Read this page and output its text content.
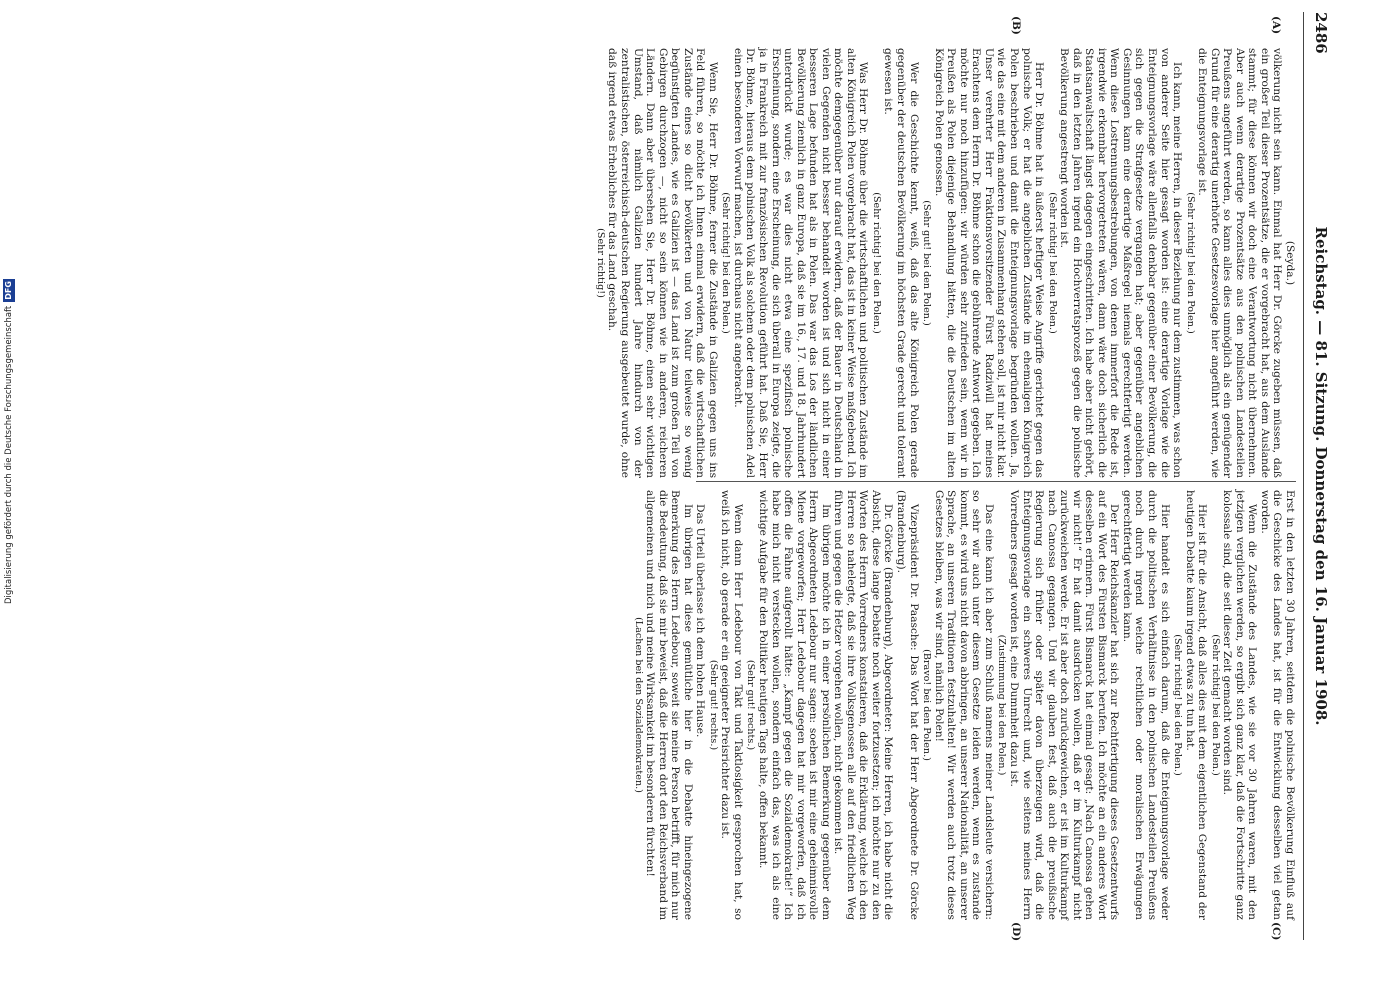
2486
Reichstag. — 81. Sitzung. Donnerstag den 16. Januar 1908.
(A)
(B)
(C)
(D)

(Seyda.)

völkerung nicht sein kann. Einmal hat Herr Dr. Görcke zugeben müssen, daß ein großer Teil dieser Prozentsätze, die er vorgebracht hat, aus dem Auslande stammt; für diese können wir doch eine Verantwortung nicht übernehmen. Aber auch wenn derartige Prozentsätze aus den polnischen Landesteilen Preußens angeführt werden, so kann alles dies unmöglich als ein genügender Grund für eine derartig unerhörte Gesetzesvorlage hier angeführt werden, wie die Enteignungsvorlage ist.

(Sehr richtig! bei den Polen.)

Ich kann, meine Herren, in dieser Beziehung nur dem zustimmen, was schon von anderer Seite hier gesagt worden ist: eine derartige Vorlage wie die Enteignungsvorlage wäre allenfalls denkbar gegenüber einer Bevölkerung, die sich gegen die Strafgesetze vergangen hat; aber gegenüber angeblichen Gesinnungen kann eine derartige Maßregel niemals gerechtfertigt werden. Wenn diese Lostrennungsbestrebungen, von denen immerfort die Rede ist, irgendwie erkennbar hervorgetreten wären, dann wäre doch sicherlich die Staatsanwaltschaft längst dagegen eingeschritten. Ich habe aber nicht gehört, daß in den letzten Jahren irgend ein Hochverratsprozeß gegen die polnische Bevölkerung angestrengt worden ist.

(Sehr richtig! bei den Polen.)

Herr Dr. Böhme hat in äußerst heftiger Weise Angriffe gerichtet gegen das polnische Volk; er hat die angeblichen Zustände im ehemaligen Königreich Polen beschrieben und damit die Enteignungsvorlage begründen wollen. Ja, wie das eine mit dem anderen in Zusammenhang stehen soll, ist mir nicht klar. Unser verehrter Herr Fraktionsvorsitzender Fürst Radziwill hat meines Erachtens dem Herrn Dr. Böhme schon die gebührende Antwort gegeben. Ich möchte nur noch hinzufügen: wir würden sehr zufrieden sein, wenn wir in Preußen als Polen diejenige Behandlung hätten, die die Deutschen im alten Königreich Polen genossen.

(Sehr gut! bei den Polen.)

Wer die Geschichte kennt, weiß, daß das alte Königreich Polen gerade gegenüber der deutschen Bevölkerung im höchsten Grade gerecht und tolerant gewesen ist.

(Sehr richtig! bei den Polen.)

Was Herr Dr. Böhme über die wirtschaftlichen und politischen Zustände im alten Königreich Polen vorgebracht hat, das ist in keiner Weise maßgebend. Ich möchte demgegenüber nur darauf erwidern, daß der Bauer in Deutschland in vielen Gegenden nicht besser behandelt worden ist und sich nicht in einer besseren Lage befunden hat als in Polen. Das war das Los der ländlichen Bevölkerung ziemlich in ganz Europa, daß sie im 16., 17. und 18. Jahrhundert unterdrückt wurde; es war dies nicht etwa eine spezifisch polnische Erscheinung, sondern eine Erscheinung, die sich überall in Europa zeigte, die ja in Frankreich mit zur französischen Revolution geführt hat. Daß Sie, Herr Dr. Böhme, hieraus dem polnischen Volk als solchem oder dem polnischen Adel einen besonderen Vorwurf machen, ist durchaus nicht angebracht.

(Sehr richtig! bei den Polen.)

Wenn Sie, Herr Dr. Böhme, ferner die Zustände in Galizien gegen uns ins Feld führen, so möchte ich Ihnen einmal erwidern, daß die wirtschaftlichen Zustände eines so dicht bevölkerten und von Natur teilweise so wenig begünstigten Landes, wie es Galizien ist — das Land ist zum großen Teil von Gebirgen durchzogen —, nicht so sein können wie in anderen, reicheren Ländern. Dann aber übersehen Sie, Herr Dr. Böhme, einen sehr wichtigen Umstand, daß nämlich Galizien hundert Jahre hindurch von der zentralistischen, österreichisch-deutschen Regierung ausgebeutet wurde, ohne daß irgend etwas Erhebliches für das Land geschah.

(Sehr richtig!)

Erst in den letzten 30 Jahren, seitdem die polnische Bevölkerung Einfluß auf die Geschicke des Landes hat, ist für die Entwicklung desselben viel getan worden.

Wenn die Zustände des Landes, wie sie vor 30 Jahren waren, mit den jetzigen verglichen werden, so ergibt sich ganz klar, daß die Fortschritte ganz kolossale sind, die seit dieser Zeit gemacht worden sind.

(Sehr richtig! bei den Polen.)

Hier ist für die Ansicht, daß alles dies mit dem eigentlichen Gegenstand der heutigen Debatte kaum irgend etwas zu tun hat.

(Sehr richtig! bei den Polen.)

Hier handelt es sich einfach darum, daß die Enteignungsvorlage weder durch die politischen Verhältnisse in den polnischen Landesteilen Preußens noch durch irgend welche rechtlichen oder moralischen Erwägungen gerechtfertigt werden kann.

Der Herr Reichskanzler hat sich zur Rechtfertigung dieses Gesetzentwurfs auf ein Wort des Fürsten Bismarck berufen. Ich möchte an ein anderes Wort desselben erinnern. Fürst Bismarck hat einmal gesagt: „Nach Canossa gehen wir nicht!“ Er hat damit ausdrücken wollen, daß er im Kulturkampf nicht zurückweichen werde. Er ist aber doch zurückgewichen, er ist im Kulturkampf nach Canossa gegangen. Und wir glauben fest, daß auch die preußische Regierung sich früher oder später davon überzeugen wird, daß die Enteignungsvorlage ein schweres Unrecht und, wie seitens meines Herrn Vorredners gesagt worden ist, eine Dummheit dazu ist.

(Zustimmung bei den Polen.)

Das eine kann ich aber zum Schluß namens meiner Landsleute versichern: so sehr wir auch unter diesem Gesetze leiden werden, wenn es zustande kommt, es wird uns nicht davon abbringen, an unserer Nationalität, an unserer Sprache, an unseren Traditionen festzuhalten! Wir werden auch trotz dieses Gesetzes bleiben, was wir sind, nämlich Polen!

(Bravo! bei den Polen.)

Vizepräsident Dr. Paasche: Das Wort hat der Herr Abgeordnete Dr. Görcke (Brandenburg).

Dr. Görcke (Brandenburg), Abgeordneter: Meine Herren, ich habe nicht die Absicht, diese lange Debatte noch weiter fortzusetzen; ich möchte nur zu den Worten des Herrn Vorredners konstatieren, daß die Erklärung, welche ich den Herren so nahelegte, daß sie ihre Volksgenossen alle auf den friedlichen Weg führen und gegen die Hetzer vorgehen wollen, nicht gekommen ist.

Im übrigen möchte ich in einer persönlichen Bemerkung gegenüber dem Herrn Abgeordneten Ledebour nur sagen: soeben ist mir eine geheimnisvolle Miene vorgeworfen; Herr Ledebour dagegen hat mir vorgeworfen, daß ich offen die Fahne aufgerollt hätte: „Kampf gegen die Sozialdemokratie!“ Ich habe mich nicht verstecken wollen, sondern einfach das, was ich als eine wichtige Aufgabe für den Politiker heutigen Tags halte, offen bekannt.

(Sehr gut! rechts.)

Wenn dann Herr Ledebour von Takt und Taktlosigkeit gesprochen hat, so weiß ich nicht, ob gerade er ein geeigneter Preisrichter dazu ist.

(Sehr gut! rechts.)

Das Urteil überlasse ich dem hohen Hause.

Im übrigen hat diese gemütliche hier in die Debatte hineingezogene Bemerkung des Herrn Ledebour, soweit sie meine Person betrifft, für mich nur die Bedeutung, daß sie mir beweist, daß die Herren dort den Reichsverband im allgemeinen und mich und meine Wirksamkeit im besonderen fürchten!

(Lachen bei den Sozialdemokraten.)

Digitalisierung gefördert durch die Deutsche ForschungsgemeinschaftDFG
